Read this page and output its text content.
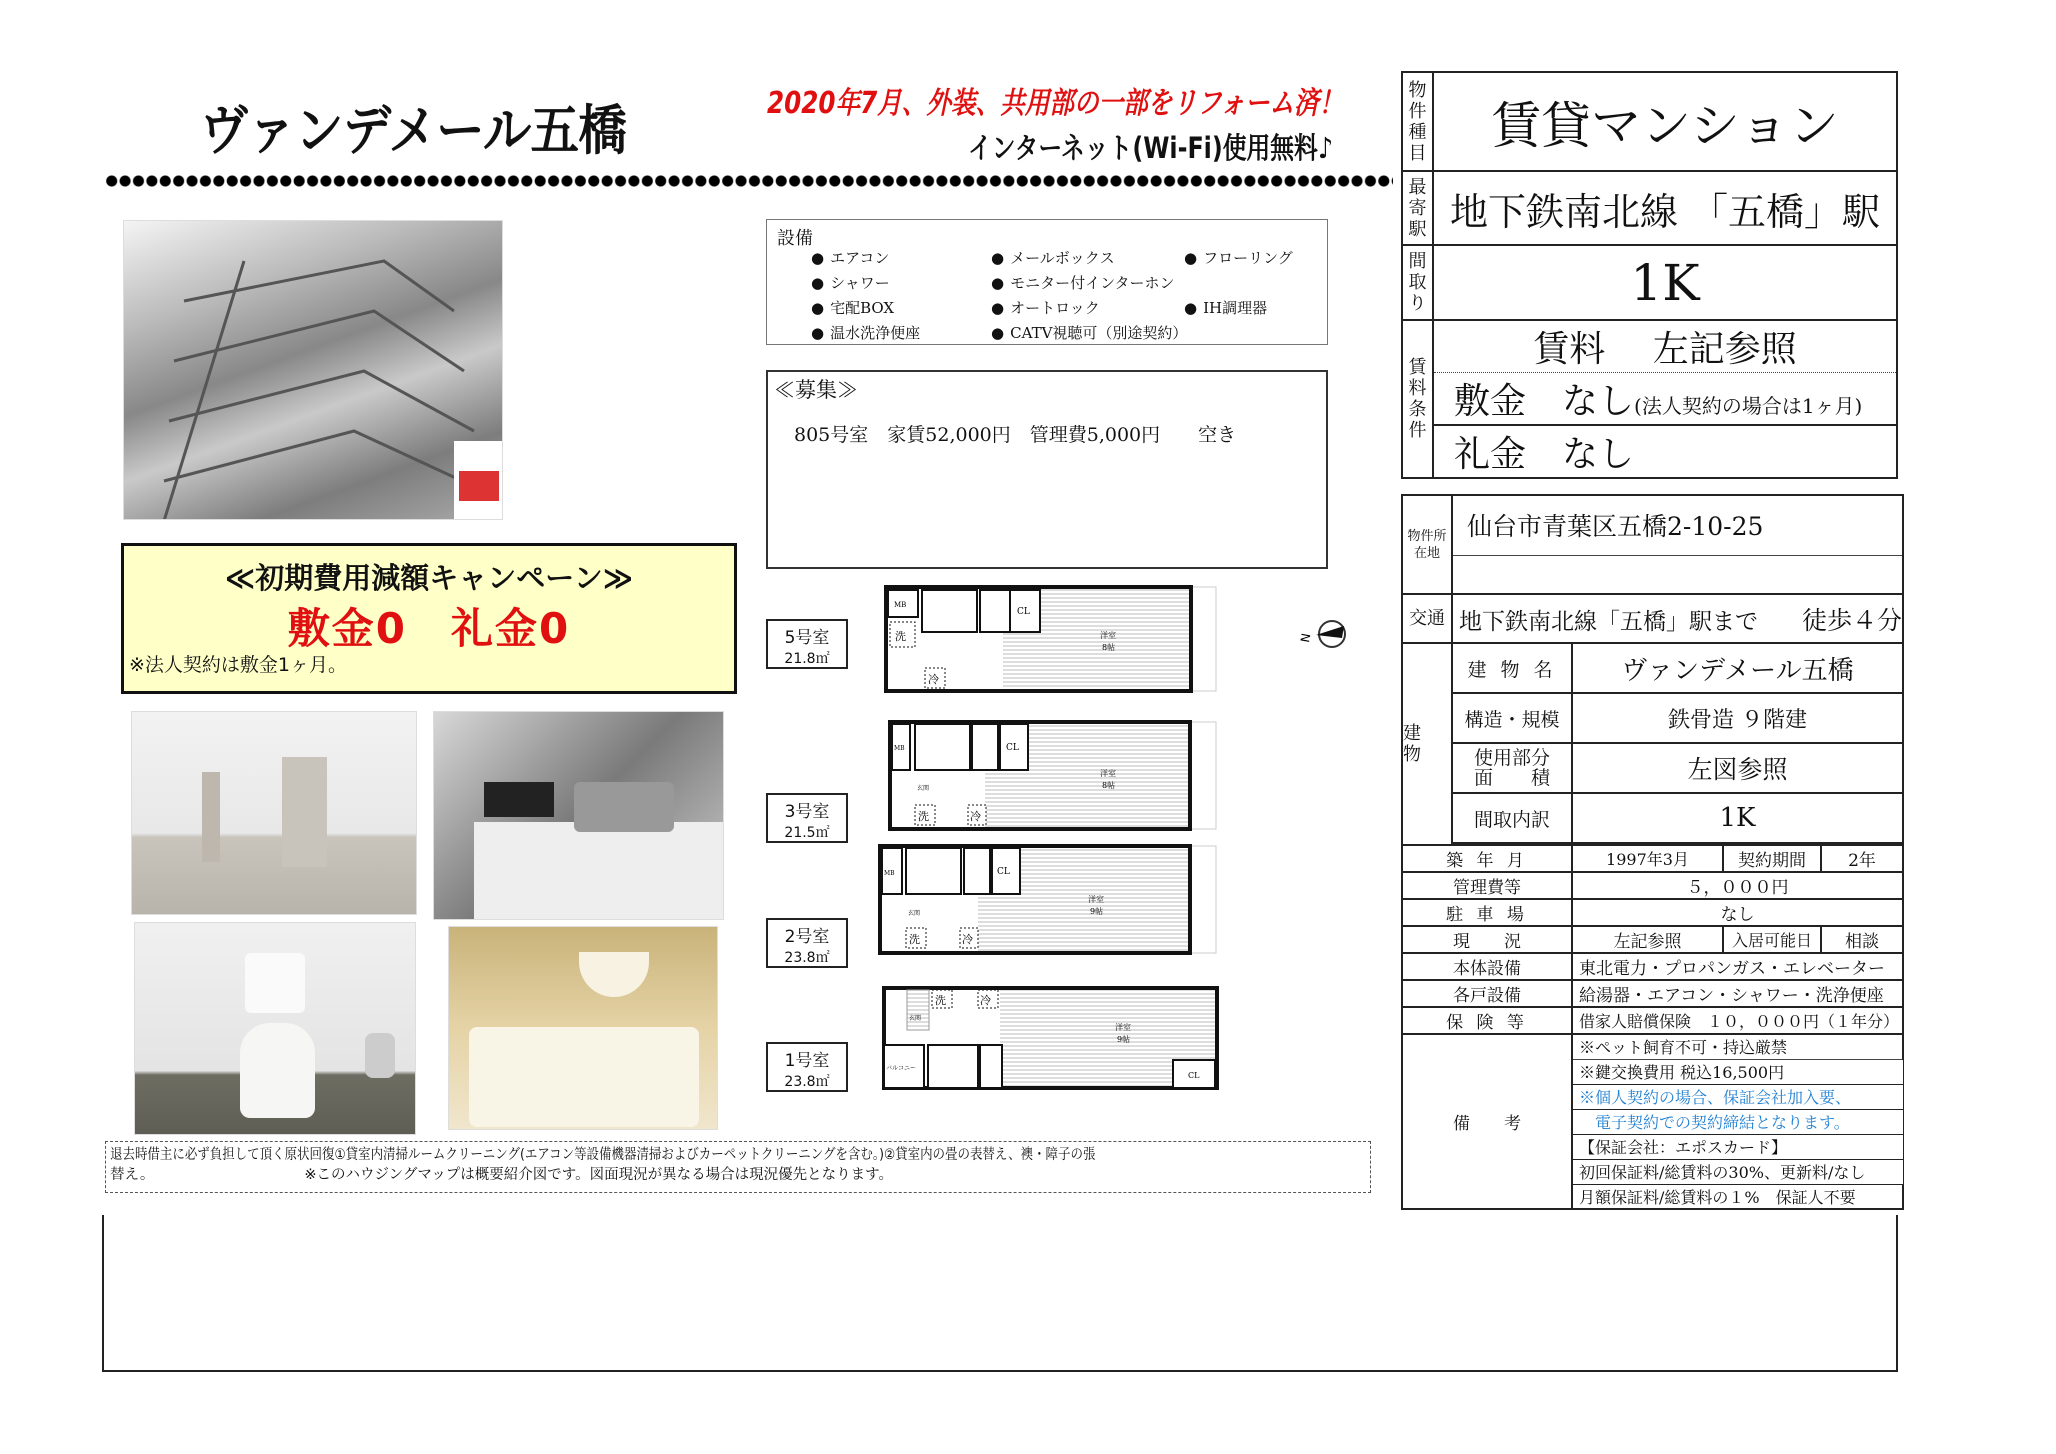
ヴァンデメール五橋	2020年7月、外装、共用部の一部をリフォーム済！
インターネット(Wi-Fi)使用無料♪
≪初期費用減額キャンペーン≫
敷金0　礼金0
※法人契約は敷金1ヶ月。
設備
● エアコン	● メールボックス	● フローリング
● シャワー	● モニター付インターホン
● 宅配BOX	● オートロック	● IH調理器
● 温水洗浄便座	● CATV視聴可（別途契約）
≪募集≫
805号室　家賃52,000円　管理費5,000円　　空き
5号室
21.8㎡
3号室
21.5㎡
2号室
23.8㎡
1号室
23.8㎡
MB
CL
洗
冷
洋室
8帖
MB	CL
洗	冷
玄関
洋室
8帖
MB	CL
洗	冷
玄関
洋室
9帖
洗	冷
玄関
バルコニー
CL
洋室
9帖
N
退去時借主に必ず負担して頂く原状回復①貸室内清掃ルームクリーニング(エアコン等設備機器清掃およびカーペットクリーニングを含む。)②貸室内の畳の表替え、襖・障子の張
替え。	※このハウジングマップは概要紹介図です。図面現況が異なる場合は現況優先となります。
物件種目	賃貸マンション
最寄駅	地下鉄南北線 「五橋」駅
間取り	1K
賃料条件	賃料　 左記参照
	敷金　なし(法人契約の場合は1ヶ月)
	礼金　なし
物件所在地	仙台市青葉区五橋2-10-25			

交通	地下鉄南北線「五橋」駅まで 徒歩４分			
建物	建 物 名	ヴァンデメール五橋		
	構造・規模	鉄骨造 ９階建		

	使用部分
面　　積	左図参照		
	間取内訳	1K		

築 年 月		1997年3月	契約期間	2年
管理費等		５，０００円		
駐 車 場		なし		
現　　況		左記参照	入居可能日	相談
本体設備		東北電力・プロパンガス・エレベーター		
各戸設備		給湯器・エアコン・シャワー・洗浄便座		
保 険 等		借家人賠償保険　１０，０００円（１年分）		
備　　考		※ペット飼育不可・持込厳禁		
		※鍵交換費用 税込16,500円		
		※個人契約の場合、保証会社加入要、		
		　電子契約での契約締結となります。		
		【保証会社：エポスカード】		
		初回保証料/総賃料の30%、更新料/なし		
		月額保証料/総賃料の１%　保証人不要		
